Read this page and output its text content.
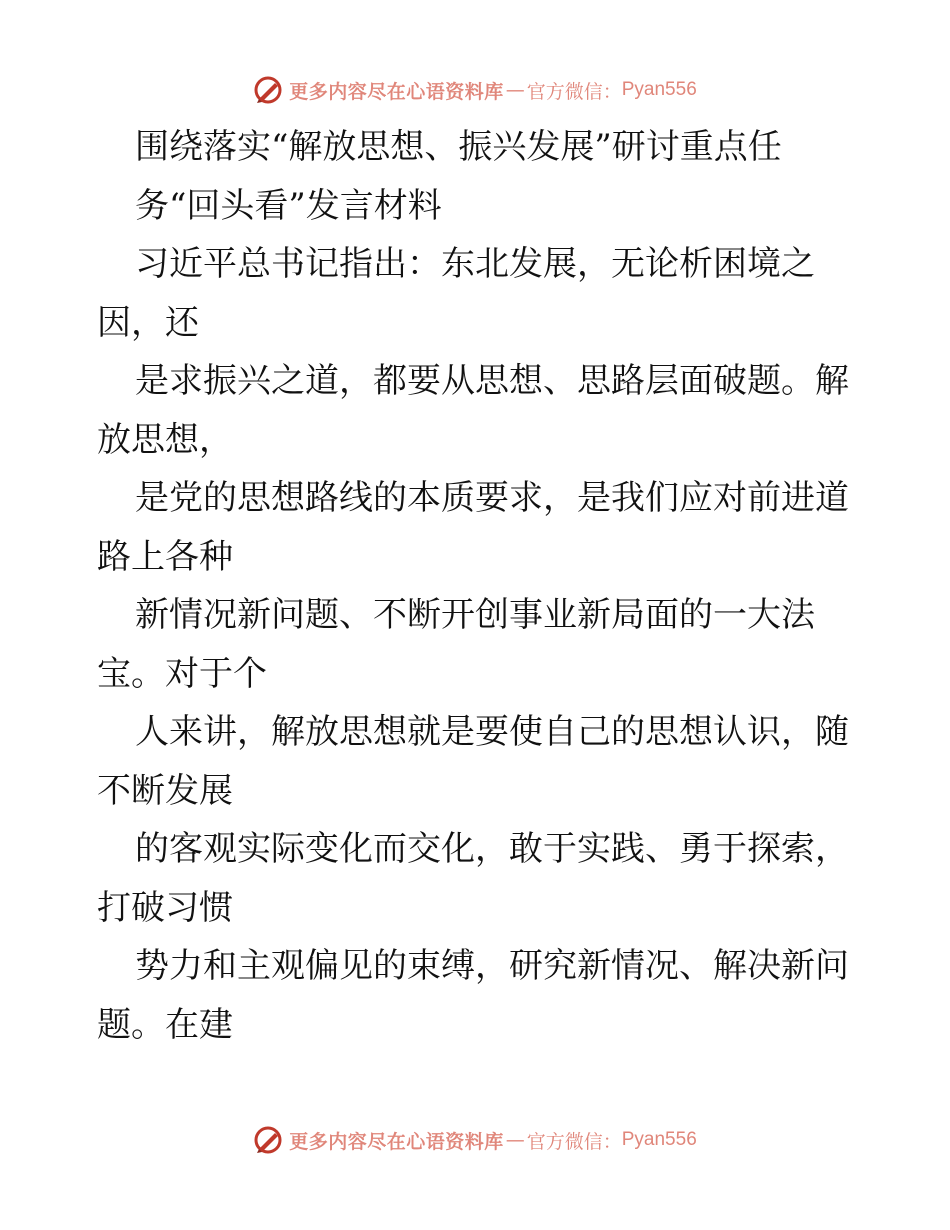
更多内容尽在心语资料库 — 官方微信： Pyan556
围绕落实“解放思想、振兴发展”研讨重点任
务“回头看”发言材料
习近平总书记指出：东北发展，无论析困境之
因，还
是求振兴之道，都要从思想、思路层面破题。解
放思想，
是党的思想路线的本质要求，是我们应对前进道
路上各种
新情况新问题、不断开创事业新局面的一大法
宝。对于个
人来讲，解放思想就是要使自己的思想认识，随
不断发展
的客观实际变化而交化，敢于实践、勇于探索，
打破习惯
势力和主观偏见的束缚，研究新情况、解决新问
题。在建
更多内容尽在心语资料库 — 官方微信： Pyan556
